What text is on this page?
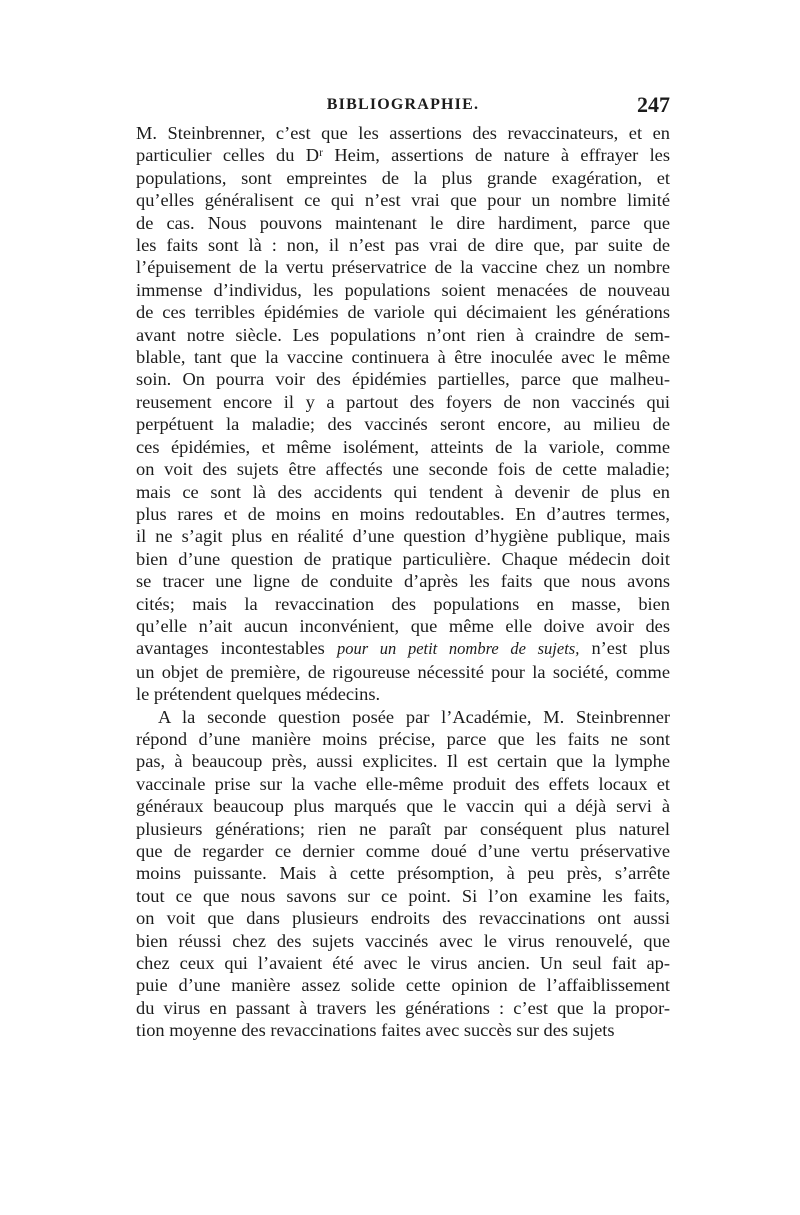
BIBLIOGRAPHIE.	247
M. Steinbrenner, c’est que les assertions des revaccinateurs, et en
particulier celles du Dʳ Heim, assertions de nature à effrayer les
populations, sont empreintes de la plus grande exagération, et
qu’elles généralisent ce qui n’est vrai que pour un nombre limité
de cas. Nous pouvons maintenant le dire hardiment, parce que
les faits sont là : non, il n’est pas vrai de dire que, par suite de
l’épuisement de la vertu préservatrice de la vaccine chez un nombre
immense d’individus, les populations soient menacées de nouveau
de ces terribles épidémies de variole qui décimaient les générations
avant notre siècle. Les populations n’ont rien à craindre de sem-
blable, tant que la vaccine continuera à être inoculée avec le même
soin. On pourra voir des épidémies partielles, parce que malheu-
reusement encore il y a partout des foyers de non vaccinés qui
perpétuent la maladie; des vaccinés seront encore, au milieu de
ces épidémies, et même isolément, atteints de la variole, comme
on voit des sujets être affectés une seconde fois de cette maladie;
mais ce sont là des accidents qui tendent à devenir de plus en
plus rares et de moins en moins redoutables. En d’autres termes,
il ne s’agit plus en réalité d’une question d’hygiène publique, mais
bien d’une question de pratique particulière. Chaque médecin doit
se tracer une ligne de conduite d’après les faits que nous avons
cités; mais la revaccination des populations en masse, bien
qu’elle n’ait aucun inconvénient, que même elle doive avoir des
avantages incontestables pour un petit nombre de sujets, n’est plus
un objet de première, de rigoureuse nécessité pour la société, comme
le prétendent quelques médecins.
A la seconde question posée par l’Académie, M. Steinbrenner
répond d’une manière moins précise, parce que les faits ne sont
pas, à beaucoup près, aussi explicites. Il est certain que la lymphe
vaccinale prise sur la vache elle-même produit des effets locaux et
généraux beaucoup plus marqués que le vaccin qui a déjà servi à
plusieurs générations; rien ne paraît par conséquent plus naturel
que de regarder ce dernier comme doué d’une vertu préservative
moins puissante. Mais à cette présomption, à peu près, s’arrête
tout ce que nous savons sur ce point. Si l’on examine les faits,
on voit que dans plusieurs endroits des revaccinations ont aussi
bien réussi chez des sujets vaccinés avec le virus renouvelé, que
chez ceux qui l’avaient été avec le virus ancien. Un seul fait ap-
puie d’une manière assez solide cette opinion de l’affaiblissement
du virus en passant à travers les générations : c’est que la propor-
tion moyenne des revaccinations faites avec succès sur des sujets
